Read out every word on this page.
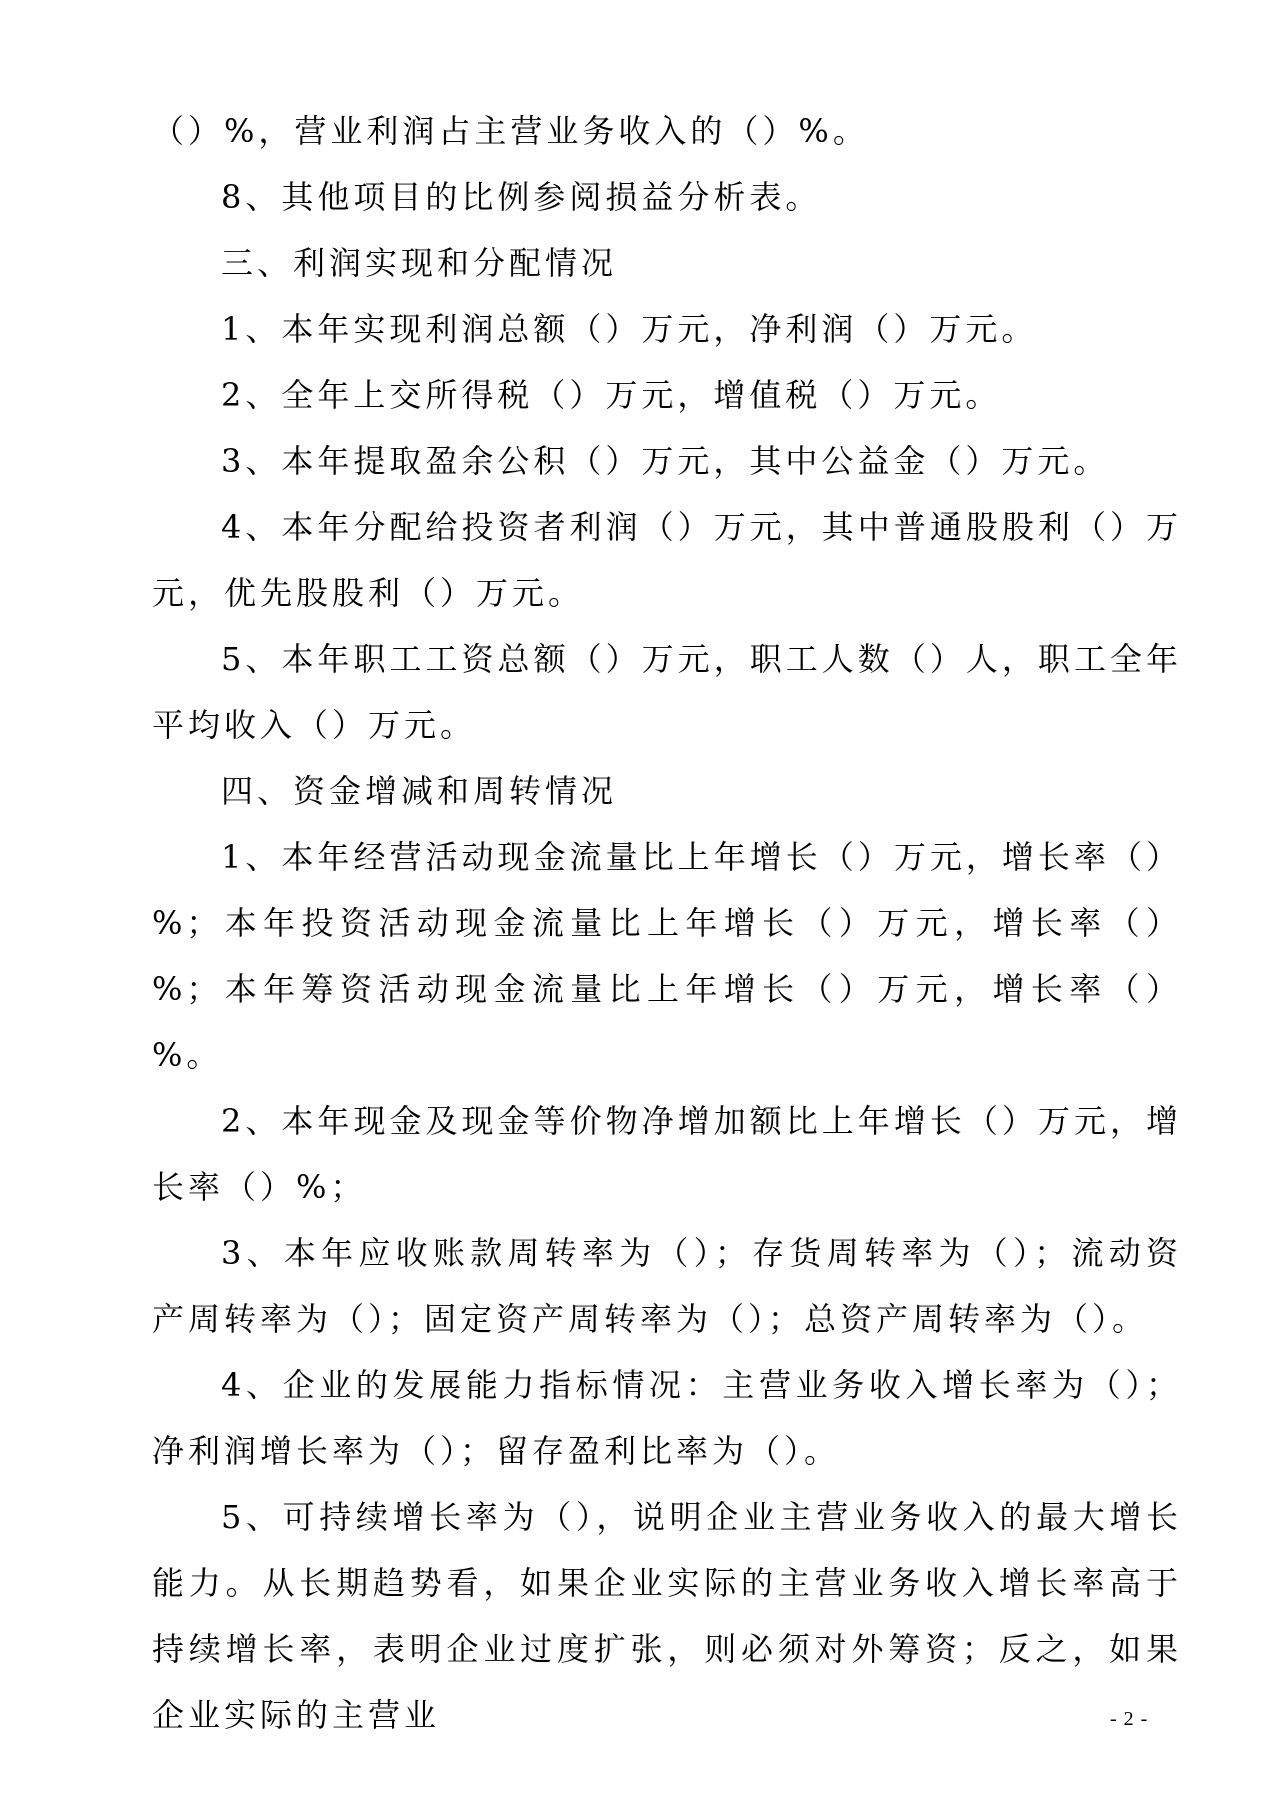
（）%，营业利润占主营业务收入的（）%。

8、其他项目的比例参阅损益分析表。

三、利润实现和分配情况

1、本年实现利润总额（）万元，净利润（）万元。

2、全年上交所得税（）万元，增值税（）万元。

3、本年提取盈余公积（）万元，其中公益金（）万元。

4、本年分配给投资者利润（）万元，其中普通股股利（）万元，优先股股利（）万元。

5、本年职工工资总额（）万元，职工人数（）人，职工全年平均收入（）万元。

四、资金增减和周转情况

1、本年经营活动现金流量比上年增长（）万元，增长率（）%；本年投资活动现金流量比上年增长（）万元，增长率（）%；本年筹资活动现金流量比上年增长（）万元，增长率（）%。

2、本年现金及现金等价物净增加额比上年增长（）万元，增长率（）%；

3、本年应收账款周转率为（）；存货周转率为（）；流动资产周转率为（）；固定资产周转率为（）；总资产周转率为（）。

4、企业的发展能力指标情况：主营业务收入增长率为（）；净利润增长率为（）；留存盈利比率为（）。

5、可持续增长率为（），说明企业主营业务收入的最大增长能力。从长期趋势看，如果企业实际的主营业务收入增长率高于持续增长率，表明企业过度扩张，则必须对外筹资；反之，如果企业实际的主营业	- 2 -
